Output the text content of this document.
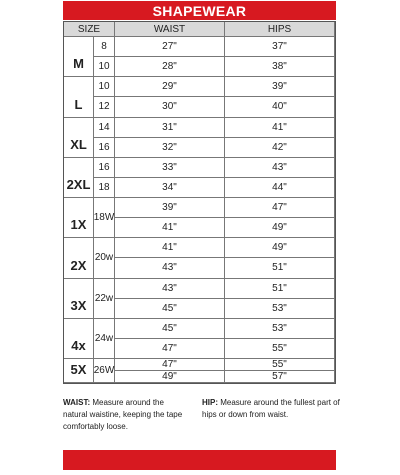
SHAPEWEAR
SIZE	WAIST	HIPS
M
8	27"	37"
10	28"	38"
L
10	29"	39"
12	30"	40"
XL
14	31"	41"
16	32"	42"
2XL
16	33"	43"
18	34"	44"
1X 18W
39"	47"
41"	49"
2X 20w
41"	49"
43"	51"
3X 22w
43"	51"
45"	53"
4x 24w
45"	53"
47"	55"
5X 26W
47"	55"
49"	57"
WAIST: Measure around the natural waistine, keeping the tape comfortably loose.
HIP: Measure around the fullest part of hips or down from waist.
